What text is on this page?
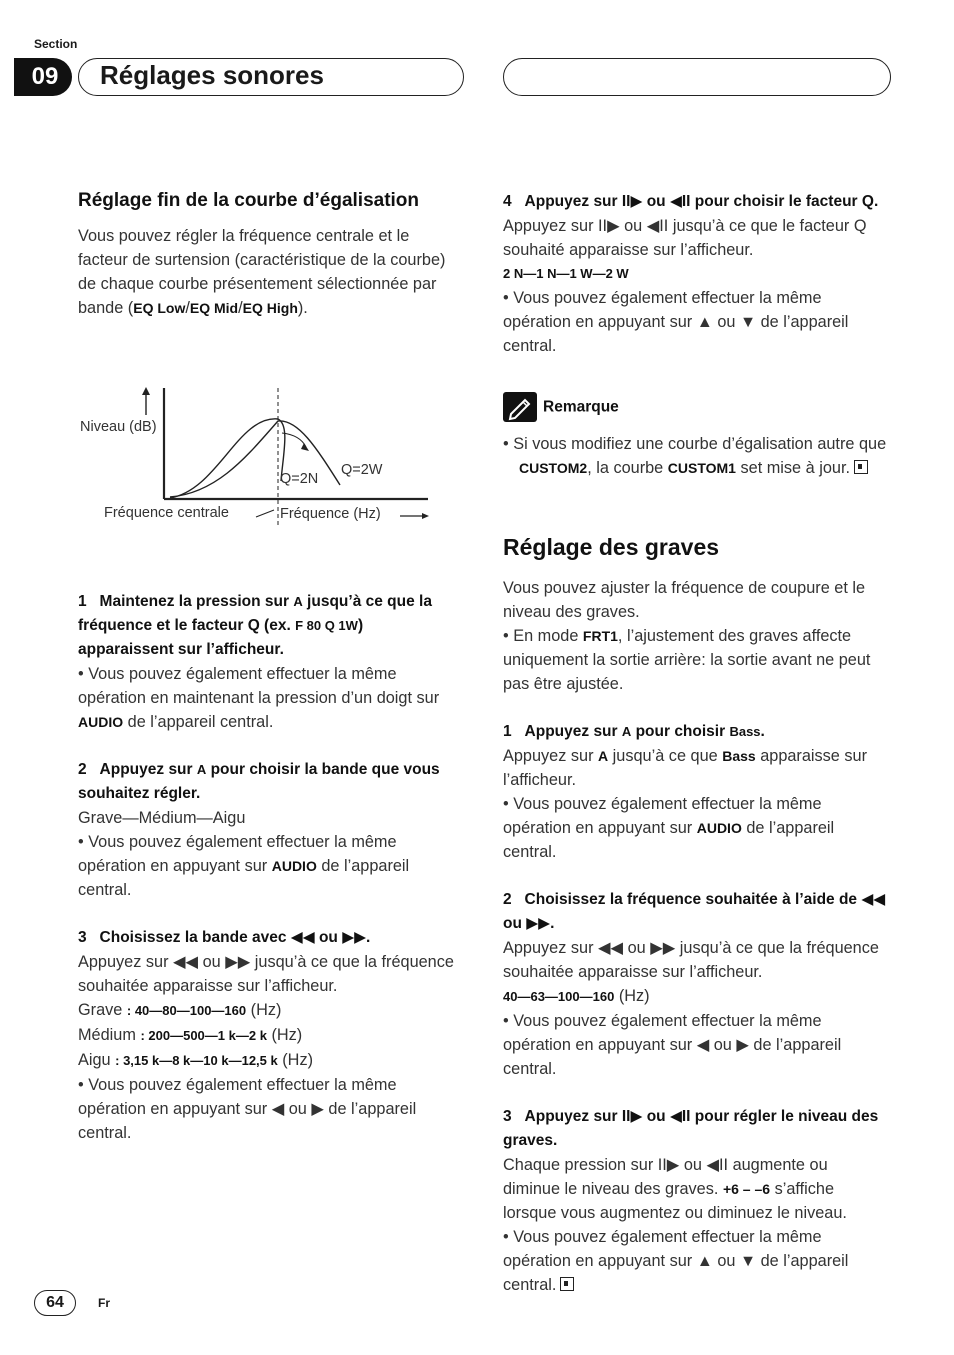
Section
09	Réglages sonores
Réglage fin de la courbe d’égalisation
Vous pouvez régler la fréquence centrale et le facteur de surtension (caractéristique de la courbe) de chaque courbe présentement sélectionnée par bande (EQ Low/EQ Mid/EQ High).
Niveau (dB)
Q=2N
Q=2W
Fréquence centrale	Fréquence (Hz)
1 Maintenez la pression sur A jusqu’à ce que la fréquence et le facteur Q (ex. F 80 Q 1W) apparaissent sur l’afficheur.
• Vous pouvez également effectuer la même opération en maintenant la pression d’un doigt sur AUDIO de l’appareil central.
2 Appuyez sur A pour choisir la bande que vous souhaitez régler.
Grave—Médium—Aigu
• Vous pouvez également effectuer la même opération en appuyant sur AUDIO de l’appareil central.
3 Choisissez la bande avec ◀◀ ou ▶▶.
Appuyez sur ◀◀ ou ▶▶ jusqu’à ce que la fréquence souhaitée apparaisse sur l’afficheur.
Grave : 40—80—100—160 (Hz)
Médium : 200—500—1 k—2 k (Hz)
Aigu : 3,15 k—8 k—10 k—12,5 k (Hz)
• Vous pouvez également effectuer la même opération en appuyant sur ◀ ou ▶ de l’appareil central.
4 Appuyez sur II▶ ou ◀II pour choisir le facteur Q.
Appuyez sur II▶ ou ◀II jusqu’à ce que le facteur Q souhaité apparaisse sur l’afficheur.
2 N—1 N—1 W—2 W
• Vous pouvez également effectuer la même opération en appuyant sur ▲ ou ▼ de l’appareil central.
Remarque
• Si vous modifiez une courbe d’égalisation autre que CUSTOM2, la courbe CUSTOM1 set mise à jour.
Réglage des graves
Vous pouvez ajuster la fréquence de coupure et le niveau des graves.
• En mode FRT1, l’ajustement des graves affecte uniquement la sortie arrière: la sortie avant ne peut pas être ajustée.
1 Appuyez sur A pour choisir Bass.
Appuyez sur A jusqu’à ce que Bass apparaisse sur l’afficheur.
• Vous pouvez également effectuer la même opération en appuyant sur AUDIO de l’appareil central.
2 Choisissez la fréquence souhaitée à l’aide de ◀◀ ou ▶▶.
Appuyez sur ◀◀ ou ▶▶ jusqu’à ce que la fréquence souhaitée apparaisse sur l’afficheur.
40—63—100—160 (Hz)
• Vous pouvez également effectuer la même opération en appuyant sur ◀ ou ▶ de l’appareil central.
3 Appuyez sur II▶ ou ◀II pour régler le niveau des graves.
Chaque pression sur II▶ ou ◀II augmente ou diminue le niveau des graves. +6 – –6 s’affiche lorsque vous augmentez ou diminuez le niveau.
• Vous pouvez également effectuer la même opération en appuyant sur ▲ ou ▼ de l’appareil central.
64	Fr
